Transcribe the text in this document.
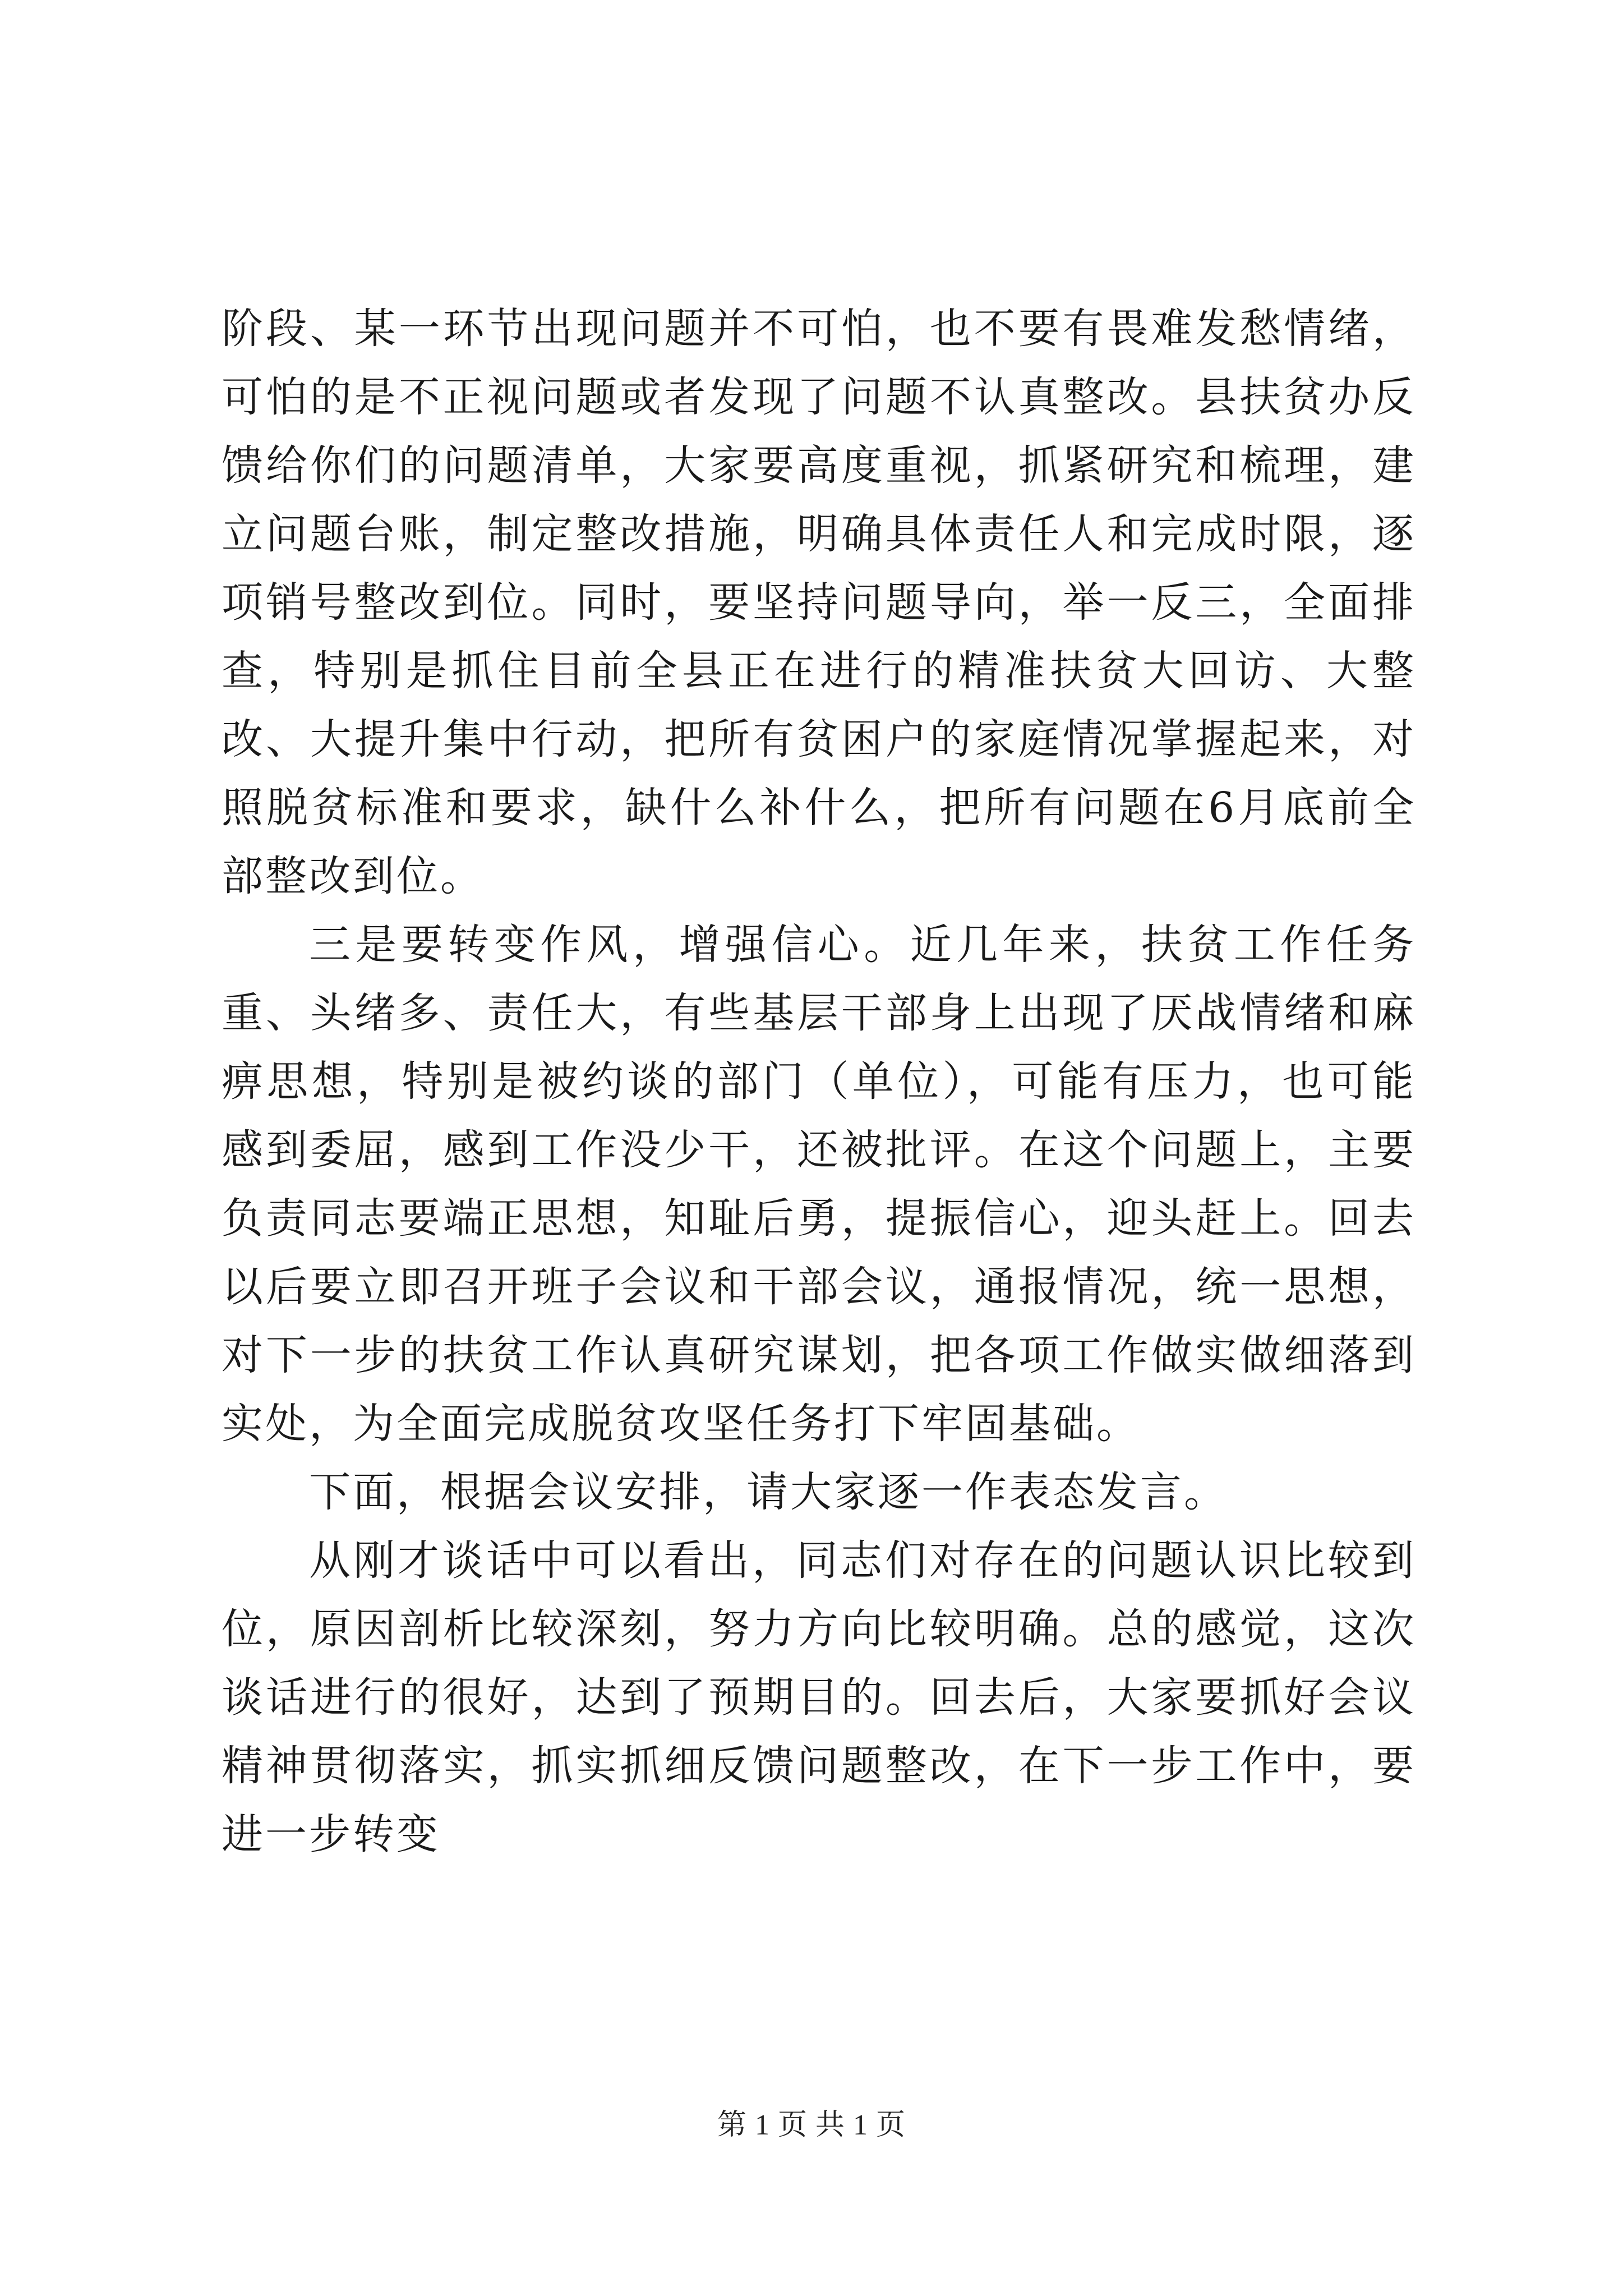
阶段、某一环节出现问题并不可怕，也不要有畏难发愁情绪，可怕的是不正视问题或者发现了问题不认真整改。县扶贫办反馈给你们的问题清单，大家要高度重视，抓紧研究和梳理，建立问题台账，制定整改措施，明确具体责任人和完成时限，逐项销号整改到位。同时，要坚持问题导向，举一反三，全面排查，特别是抓住目前全县正在进行的精准扶贫大回访、大整改、大提升集中行动，把所有贫困户的家庭情况掌握起来，对照脱贫标准和要求，缺什么补什么，把所有问题在6月底前全部整改到位。

三是要转变作风，增强信心。近几年来，扶贫工作任务重、头绪多、责任大，有些基层干部身上出现了厌战情绪和麻痹思想，特别是被约谈的部门（单位），可能有压力，也可能感到委屈，感到工作没少干，还被批评。在这个问题上，主要负责同志要端正思想，知耻后勇，提振信心，迎头赶上。回去以后要立即召开班子会议和干部会议，通报情况，统一思想，对下一步的扶贫工作认真研究谋划，把各项工作做实做细落到实处，为全面完成脱贫攻坚任务打下牢固基础。

下面，根据会议安排，请大家逐一作表态发言。

从刚才谈话中可以看出，同志们对存在的问题认识比较到位，原因剖析比较深刻，努力方向比较明确。总的感觉，这次谈话进行的很好，达到了预期目的。回去后，大家要抓好会议精神贯彻落实，抓实抓细反馈问题整改，在下一步工作中，要进一步转变

第 1 页 共 1 页
